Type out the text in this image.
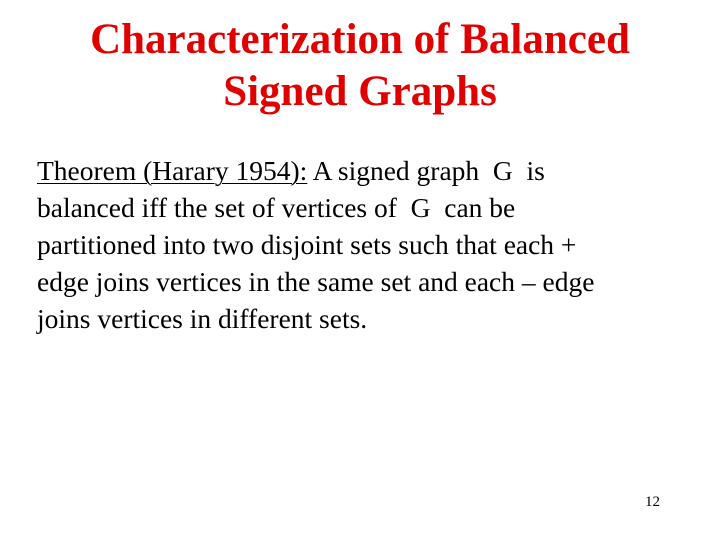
Characterization of Balanced
Signed Graphs
Theorem (Harary 1954): A signed graph  G  is
balanced iff the set of vertices of  G  can be
partitioned into two disjoint sets such that each +
edge joins vertices in the same set and each – edge
joins vertices in different sets.
12
